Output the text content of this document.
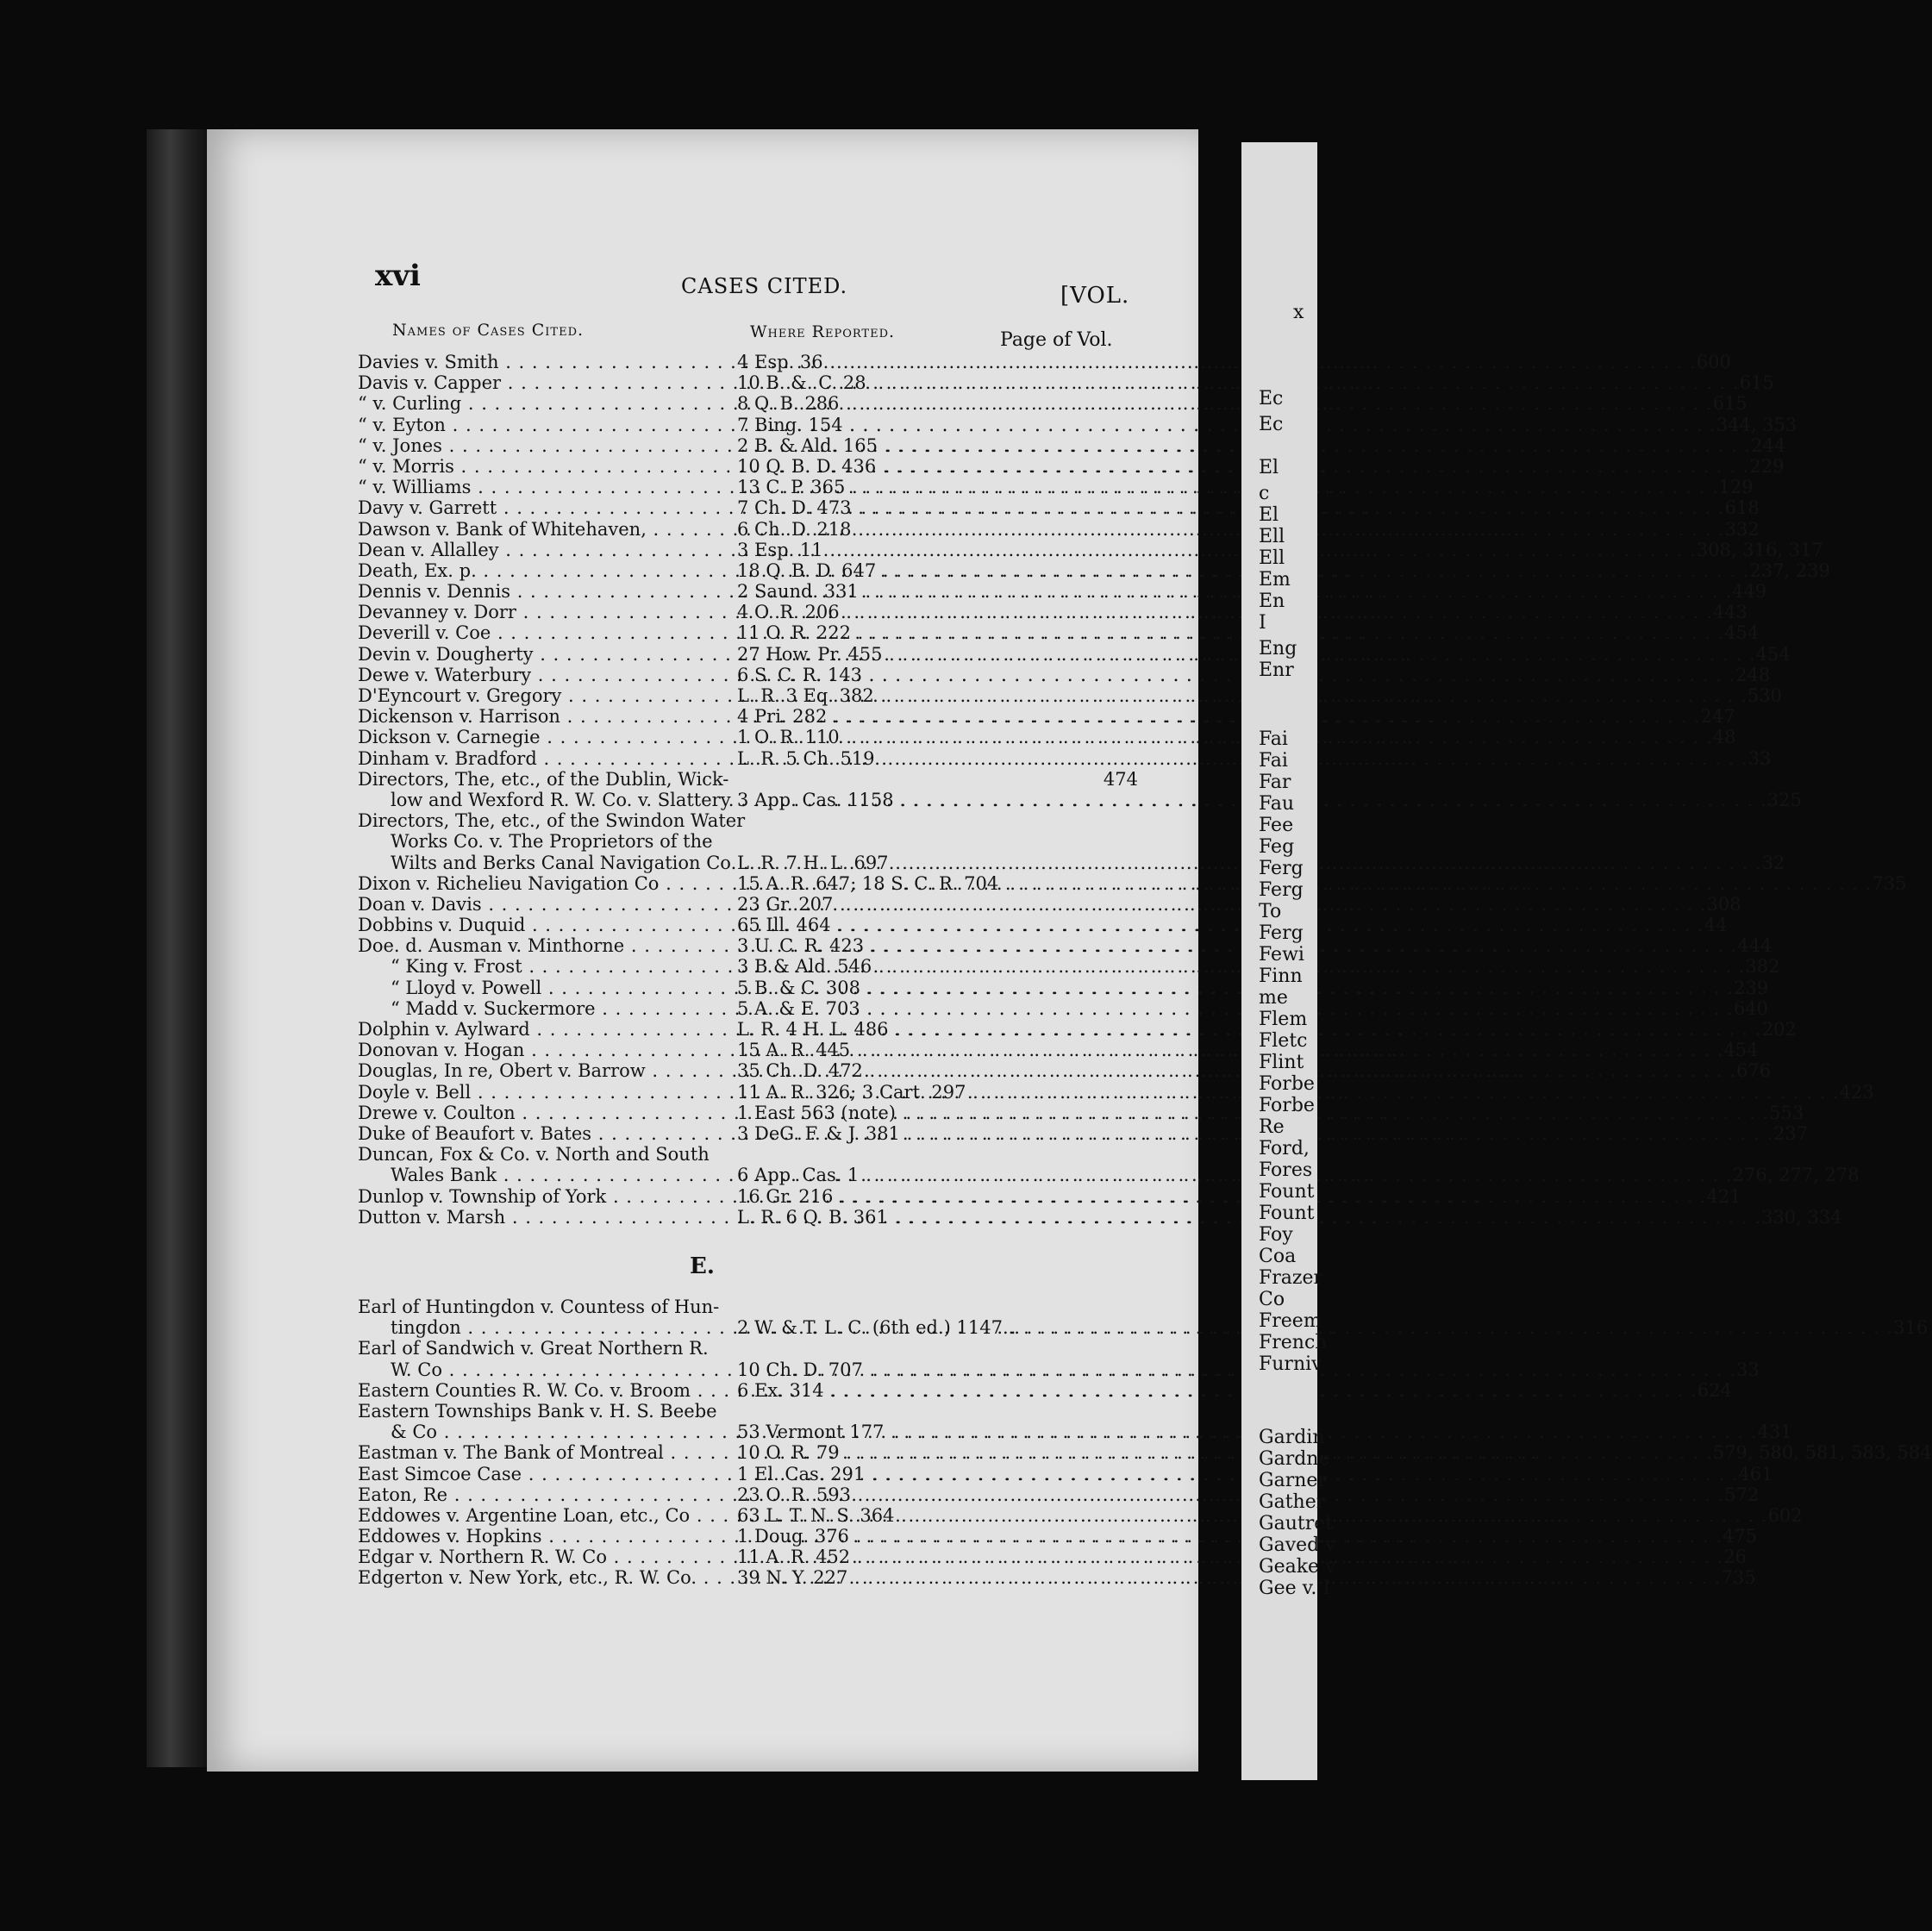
xvi	CASES CITED.	[VOL.
Names of Cases Cited.	Where Reported.	Page of Vol.
Davies v. Smith . . .	4 Esp. 36 . . .	600
Davis v. Capper . . .	10 B. &. C. 28 . . .	615
“ v. Curling . . .	8 Q. B. 286 . . .	615
“ v. Eyton . . .	7 Bing. 154 . . .	344, 353
“ v. Jones . . .	2 B. & Ald. 165 . . .	244
“ v. Morris . . .	10 Q. B. D. 436 . . .	229
“ v. Williams . . .	13 C. P. 365 . . .	129
Davy v. Garrett . . .	7 Ch. D. 473 . . .	618
Dawson v. Bank of Whitehaven, . . .	6 Ch. D. 218 . . .	332
Dean v. Allalley . . .	3 Esp. 11 . . .	308, 316, 317
Death, Ex. p. . . .	18 Q. B. D. 647 . . .	237, 239
Dennis v. Dennis . . .	2 Saund. 331 . . .	449
Devanney v. Dorr . . .	4 O. R. 206 . . .	443
Deverill v. Coe . . .	11 O. R. 222 . . .	454
Devin v. Dougherty . . .	27 How. Pr. 455 . . .	454
Dewe v. Waterbury . . .	6 S. C. R. 143 . . .	248
D'Eyncourt v. Gregory . . .	L. R. 3 Eq. 382 . . .	530
Dickenson v. Harrison . . .	4 Pri. 282 . . .	247
Dickson v. Carnegie . . .	1 O. R. 110 . . .	48
Dinham v. Bradford . . .	L. R. 5 Ch. 519 . . .	33
Directors, The, etc., of the Dublin, Wick-	474
low and Wexford R. W. Co. v. Slattery. . . . 3 App. Cas. 1158 . . .	325
Directors, The, etc., of the Swindon Water
Works Co. v. The Proprietors of the
Wilts and Berks Canal Navigation Co. . . . L. R. 7 H. L. 697 . . .	32
Dixon v. Richelieu Navigation Co . . .	15 A. R. 647; 18 S. C. R. 704 . . .	735
Doan v. Davis . . .	23 Gr. 207 . . .	308
Dobbins v. Duquid . . .	65 Ill. 464 . . .	44
Doe. d. Ausman v. Minthorne . . .	3 U. C. R. 423 . . .	444
“ King v. Frost . . .	3 B & Ald. 546 . . .	382
“ Lloyd v. Powell . . .	5 B. & C. 308 . . .	239
“ Madd v. Suckermore . . .	5 A. & E. 703 . . .	640
Dolphin v. Aylward . . .	L. R. 4 H. L. 486 . . .	202
Donovan v. Hogan . . .	15 A. R. 445 . . .	454
Douglas, In re, Obert v. Barrow . . .	35 Ch. D. 472 . . .	676
Doyle v. Bell . . .	11 A. R. 326; 3 Cart. 297 . . .	423
Drewe v. Coulton . . .	1 East 563 (note) . . .	553
Duke of Beaufort v. Bates . . .	3 DeG. F. & J. 381 . . .	237
Duncan, Fox & Co. v. North and South
Wales Bank . . .	6 App. Cas. 1 . . .	276, 277, 278
Dunlop v. Township of York . . .	16 Gr. 216 . . .	421
Dutton v. Marsh . . .	L. R. 6 Q. B. 361 . . .	330, 334
E.
Earl of Huntingdon v. Countess of Hun-
tingdon . . .	2 W. & T. L. C. (6th ed.) 1147... . . .	316
Earl of Sandwich v. Great Northern R.
W. Co . . .	10 Ch. D. 707 . . .	33
Eastern Counties R. W. Co. v. Broom . . .	6 Ex. 314 . . .	624
Eastern Townships Bank v. H. S. Beebe
& Co . . .	53 Vermont 177 . . .	431
Eastman v. The Bank of Montreal . . .	10 O. R. 79 . . .	579, 580, 581, 583, 584
East Simcoe Case . . .	1 El. Cas. 291 . . .	461
Eaton, Re . . .	23 O. R. 593 . . .	572
Eddowes v. Argentine Loan, etc., Co . . .	63 L. T. N. S. 364 . . .	602
Eddowes v. Hopkins . . .	1 Doug. 376 . . .	475
Edgar v. Northern R. W. Co . . .	11 A. R. 452 . . .	26
Edgerton v. New York, etc., R. W. Co. . . .	39 N. Y. 227 . . .	735
x
Ec
Ec
El
c
El
Ell
Ell
Em
En
I
Eng
Enr
Fai
Fai
Far
Fau
Fee
Feg
Ferg
Ferg
To
Ferg
Fewi
Finn
me
Flem
Fletc
Flint
Forbe
Forbe
Re
Ford,
Fores
Fount
Fount
Foy
Coa
Frazer
Co
Freem
French
Furniv
Gardin
Gardne
Garner
Gather
Gautret
Gaved v
Geake v
Gee v. I
